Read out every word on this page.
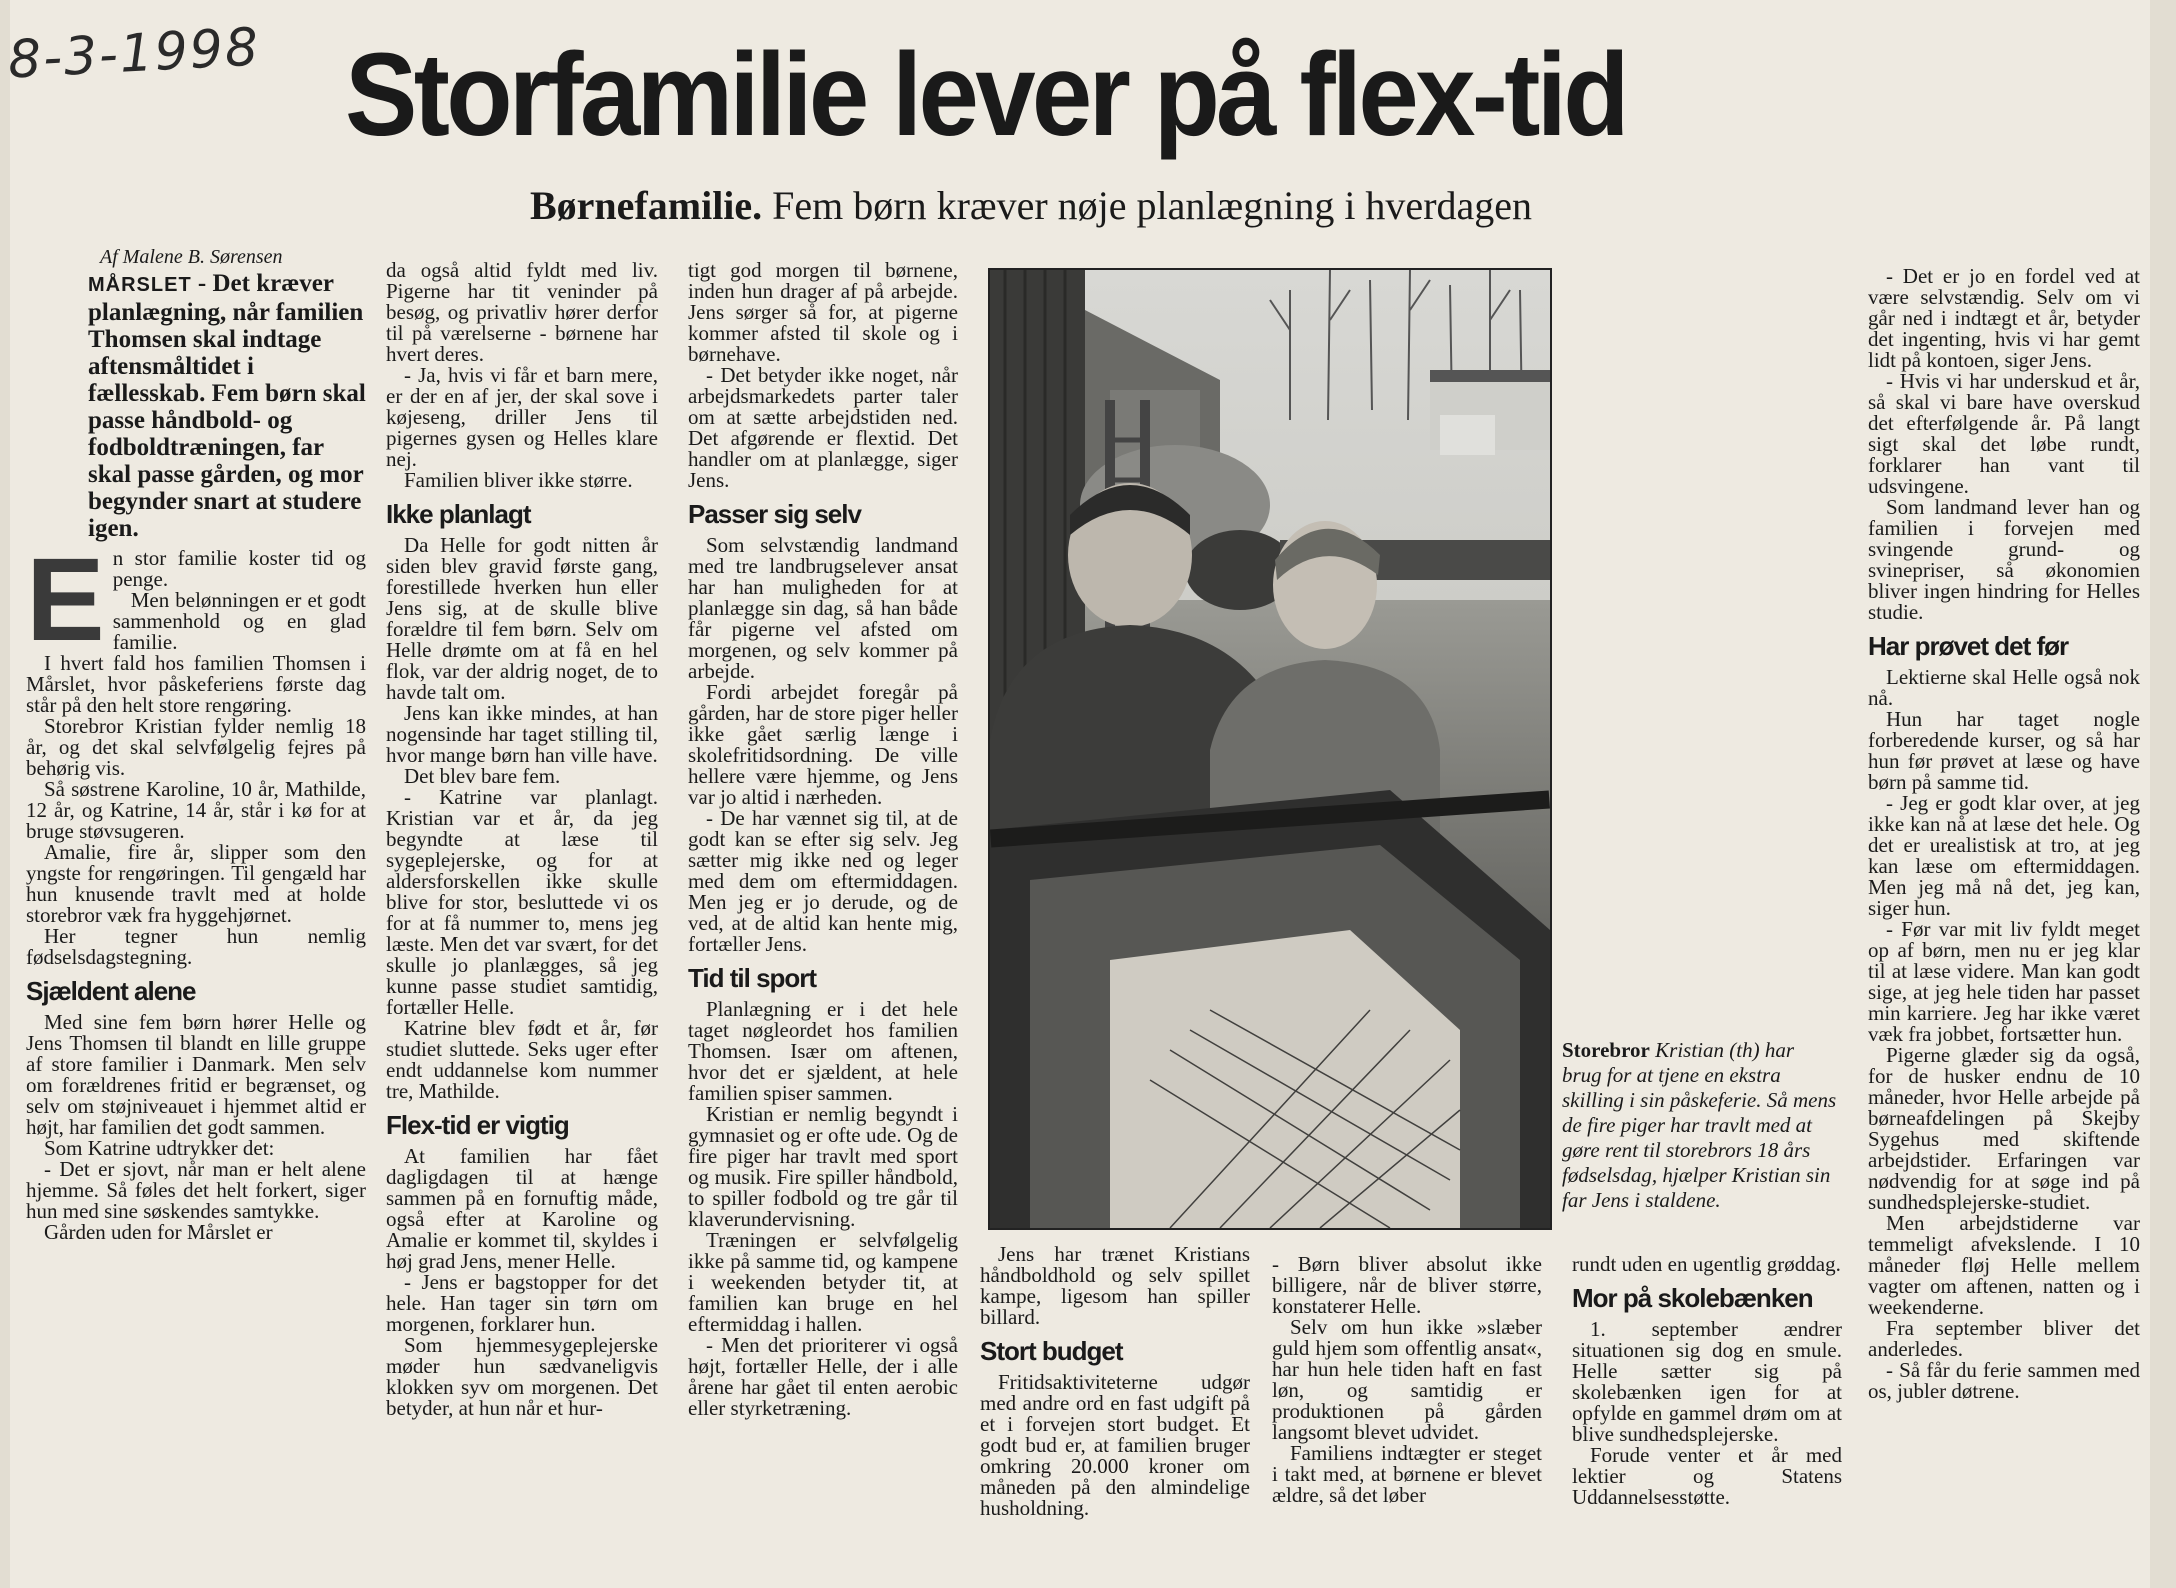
8-3-1998 Storfamilie lever på flex-tid
Børnefamilie. Fem børn kræver nøje planlægning i hverdagen
Af Malene B. Sørensen
MÅRSLET - Det kræver planlægning, når familien Thomsen skal indtage aftensmåltidet i fællesskab. Fem børn skal passe håndbold- og fodboldtræningen, far skal passe gården, og mor begynder snart at studere igen.
E n stor familie koster tid og penge.

Men belønningen er et godt sammenhold og en glad familie.

I hvert fald hos familien Thomsen i Mårslet, hvor påskeferiens første dag står på den helt store rengøring.

Storebror Kristian fylder nemlig 18 år, og det skal selvfølgelig fejres på behørig vis.

Så søstrene Karoline, 10 år, Mathilde, 12 år, og Katrine, 14 år, står i kø for at bruge støvsugeren.

Amalie, fire år, slipper som den yngste for rengøringen. Til gengæld har hun knusende travlt med at holde storebror væk fra hyggehjørnet.

Her tegner hun nemlig fødselsdagstegning.

Sjældent alene

Med sine fem børn hører Helle og Jens Thomsen til blandt en lille gruppe af store familier i Danmark. Men selv om forældrenes fritid er begrænset, og selv om støjniveauet i hjemmet altid er højt, har familien det godt sammen.

Som Katrine udtrykker det:

- Det er sjovt, når man er helt alene hjemme. Så føles det helt forkert, siger hun med sine søskendes samtykke.

Gården uden for Mårslet er

da også altid fyldt med liv. Pigerne har tit veninder på besøg, og privatliv hører derfor til på værelserne - børnene har hvert deres.

- Ja, hvis vi får et barn mere, er der en af jer, der skal sove i køjeseng, driller Jens til pigernes gysen og Helles klare nej.

Familien bliver ikke større.

Ikke planlagt

Da Helle for godt nitten år siden blev gravid første gang, forestillede hverken hun eller Jens sig, at de skulle blive forældre til fem børn. Selv om Helle drømte om at få en hel flok, var der aldrig noget, de to havde talt om.

Jens kan ikke mindes, at han nogensinde har taget stilling til, hvor mange børn han ville have.

Det blev bare fem.

- Katrine var planlagt. Kristian var et år, da jeg begyndte at læse til sygeplejerske, og for at aldersforskellen ikke skulle blive for stor, besluttede vi os for at få nummer to, mens jeg læste. Men det var svært, for det skulle jo planlægges, så jeg kunne passe studiet samtidig, fortæller Helle.

Katrine blev født et år, før studiet sluttede. Seks uger efter endt uddannelse kom nummer tre, Mathilde.

Flex-tid er vigtig

At familien har fået dagligdagen til at hænge sammen på en fornuftig måde, også efter at Karoline og Amalie er kommet til, skyldes i høj grad Jens, mener Helle.

- Jens er bagstopper for det hele. Han tager sin tørn om morgenen, forklarer hun.

Som hjemmesygeplejerske møder hun sædvaneligvis klokken syv om morgenen. Det betyder, at hun når et hur-

tigt god morgen til børnene, inden hun drager af på arbejde. Jens sørger så for, at pigerne kommer afsted til skole og i børnehave.

- Det betyder ikke noget, når arbejdsmarkedets parter taler om at sætte arbejdstiden ned. Det afgørende er flextid. Det handler om at planlægge, siger Jens.

Passer sig selv

Som selvstændig landmand med tre landbrugselever ansat har han muligheden for at planlægge sin dag, så han både får pigerne vel afsted om morgenen, og selv kommer på arbejde.

Fordi arbejdet foregår på gården, har de store piger heller ikke gået særlig længe i skolefritidsordning. De ville hellere være hjemme, og Jens var jo altid i nærheden.

- De har vænnet sig til, at de godt kan se efter sig selv. Jeg sætter mig ikke ned og leger med dem om eftermiddagen. Men jeg er jo derude, og de ved, at de altid kan hente mig, fortæller Jens.

Tid til sport

Planlægning er i det hele taget nøgleordet hos familien Thomsen. Især om aftenen, hvor det er sjældent, at hele familien spiser sammen.

Kristian er nemlig begyndt i gymnasiet og er ofte ude. Og de fire piger har travlt med sport og musik. Fire spiller håndbold, to spiller fodbold og tre går til klaverundervisning.

Træningen er selvfølgelig ikke på samme tid, og kampene i weekenden betyder tit, at familien kan bruge en hel eftermiddag i hallen.

- Men det prioriterer vi også højt, fortæller Helle, der i alle årene har gået til enten aerobic eller styrketræning.

Storebror Kristian (th) har brug for at tjene en ekstra skilling i sin påskeferie. Så mens de fire piger har travlt med at gøre rent til storebrors 18 års fødselsdag, hjælper Kristian sin far Jens i staldene.

Jens har trænet Kristians håndboldhold og selv spillet kampe, ligesom han spiller billard.

Stort budget

Fritidsaktiviteterne udgør med andre ord en fast udgift på et i forvejen stort budget. Et godt bud er, at familien bruger omkring 20.000 kroner om måneden på den almindelige husholdning.

- Børn bliver absolut ikke billigere, når de bliver større, konstaterer Helle.

Selv om hun ikke »slæber guld hjem som offentlig ansat«, har hun hele tiden haft en fast løn, og samtidig er produktionen på gården langsomt blevet udvidet.

Familiens indtægter er steget i takt med, at børnene er blevet ældre, så det løber

rundt uden en ugentlig grøddag.

Mor på skolebænken

1. september ændrer situationen sig dog en smule. Helle sætter sig på skolebænken igen for at opfylde en gammel drøm om at blive sundhedsplejerske.

Forude venter et år med lektier og Statens Uddannelsesstøtte.

- Det er jo en fordel ved at være selvstændig. Selv om vi går ned i indtægt et år, betyder det ingenting, hvis vi har gemt lidt på kontoen, siger Jens.

- Hvis vi har underskud et år, så skal vi bare have overskud det efterfølgende år. På langt sigt skal det løbe rundt, forklarer han vant til udsvingene.

Som landmand lever han og familien i forvejen med svingende grund- og svinepriser, så økonomien bliver ingen hindring for Helles studie.

Har prøvet det før

Lektierne skal Helle også nok nå.

Hun har taget nogle forberedende kurser, og så har hun før prøvet at læse og have børn på samme tid.

- Jeg er godt klar over, at jeg ikke kan nå at læse det hele. Og det er urealistisk at tro, at jeg kan læse om eftermiddagen. Men jeg må nå det, jeg kan, siger hun.

- Før var mit liv fyldt meget op af børn, men nu er jeg klar til at læse videre. Man kan godt sige, at jeg hele tiden har passet min karriere. Jeg har ikke været væk fra jobbet, fortsætter hun.

Pigerne glæder sig da også, for de husker endnu de 10 måneder, hvor Helle arbejde på børneafdelingen på Skejby Sygehus med skiftende arbejdstider. Erfaringen var nødvendig for at søge ind på sundhedsplejerske-studiet.

Men arbejdstiderne var temmeligt afvekslende. I 10 måneder fløj Helle mellem vagter om aftenen, natten og i weekenderne.

Fra september bliver det anderledes.

- Så får du ferie sammen med os, jubler døtrene.
